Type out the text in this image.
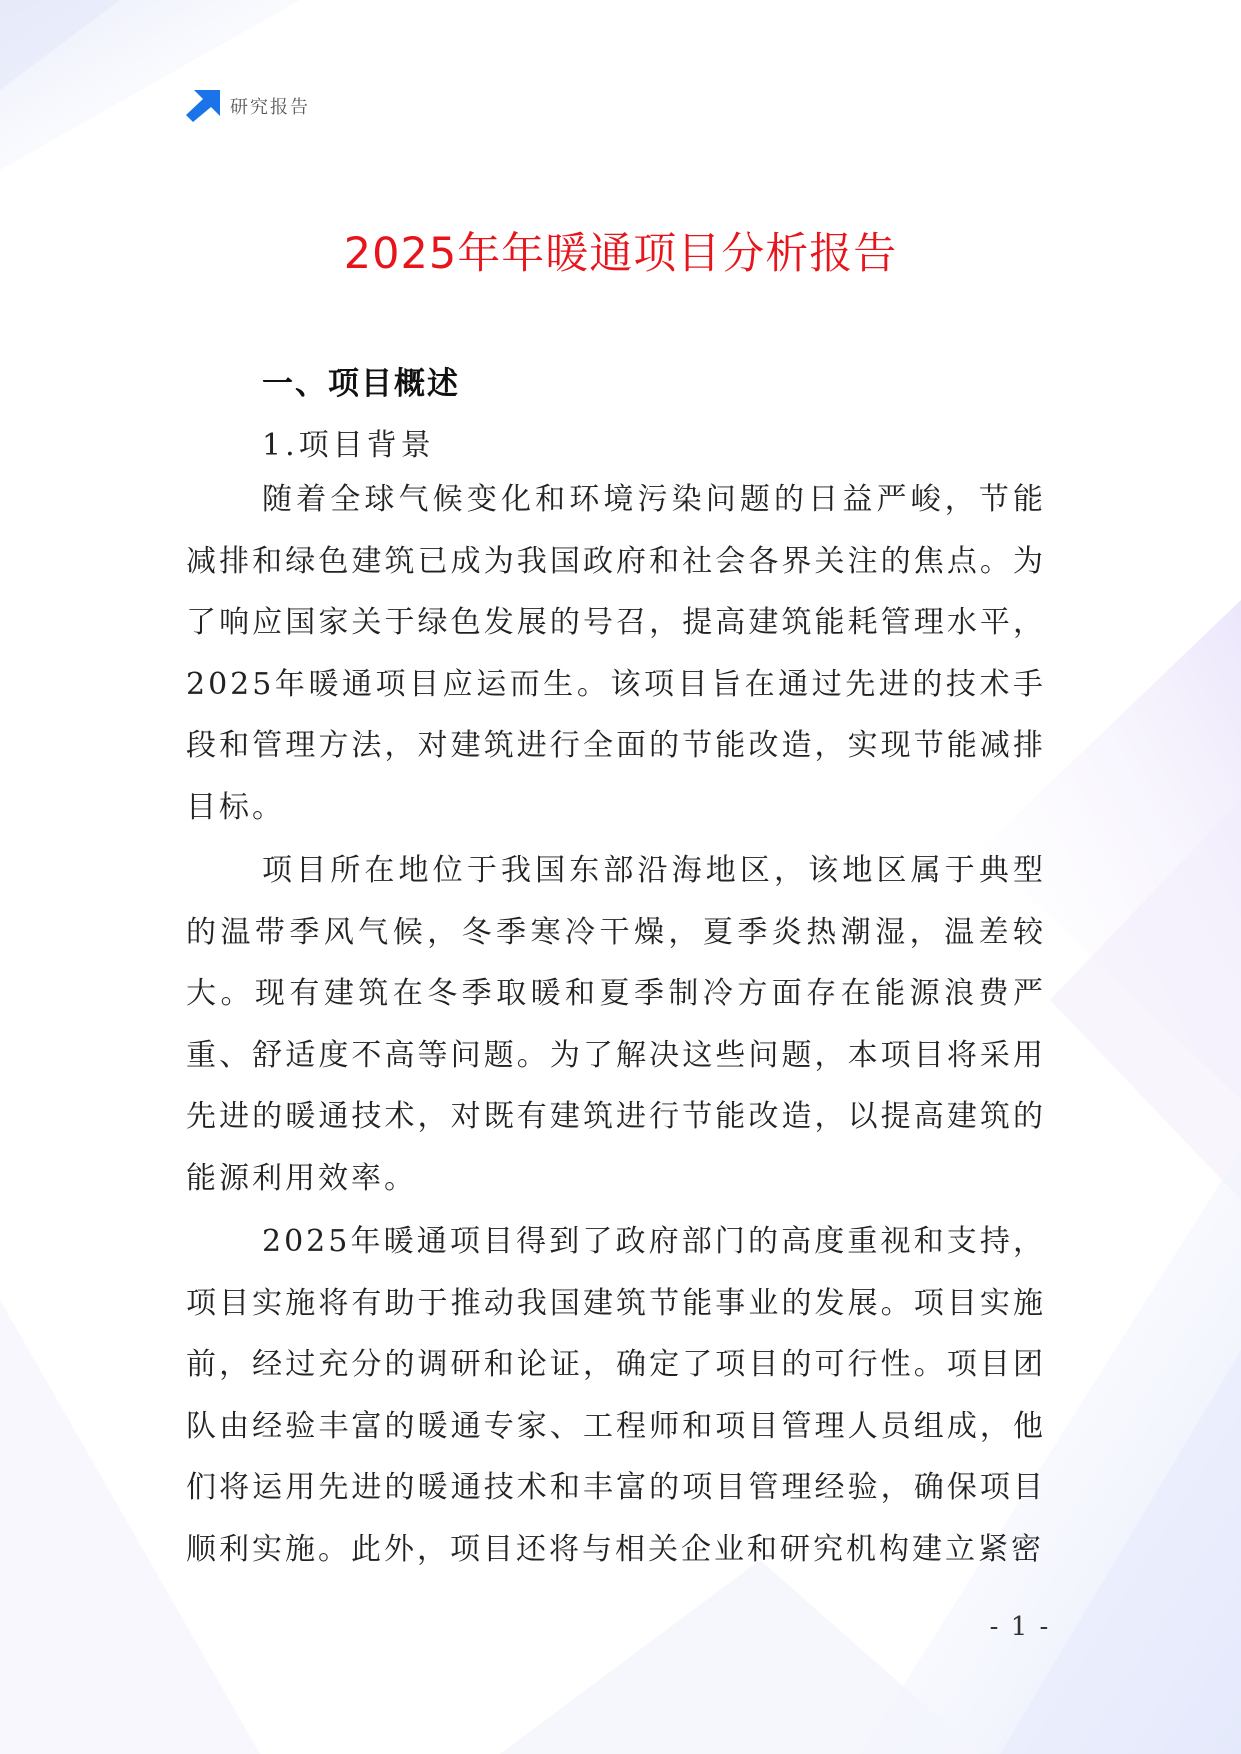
研究报告
2025年年暖通项目分析报告
一、项目概述
1.项目背景

随着全球气候变化和环境污染问题的日益严峻，节能减排和绿色建筑已成为我国政府和社会各界关注的焦点。为了响应国家关于绿色发展的号召，提高建筑能耗管理水平，2025年暖通项目应运而生。该项目旨在通过先进的技术手段和管理方法，对建筑进行全面的节能改造，实现节能减排目标。

项目所在地位于我国东部沿海地区，该地区属于典型的温带季风气候，冬季寒冷干燥，夏季炎热潮湿，温差较大。现有建筑在冬季取暖和夏季制冷方面存在能源浪费严重、舒适度不高等问题。为了解决这些问题，本项目将采用先进的暖通技术，对既有建筑进行节能改造，以提高建筑的能源利用效率。

2025年暖通项目得到了政府部门的高度重视和支持，项目实施将有助于推动我国建筑节能事业的发展。项目实施前，经过充分的调研和论证，确定了项目的可行性。项目团队由经验丰富的暖通专家、工程师和项目管理人员组成，他们将运用先进的暖通技术和丰富的项目管理经验，确保项目顺利实施。此外，项目还将与相关企业和研究机构建立紧密

- 1 -
